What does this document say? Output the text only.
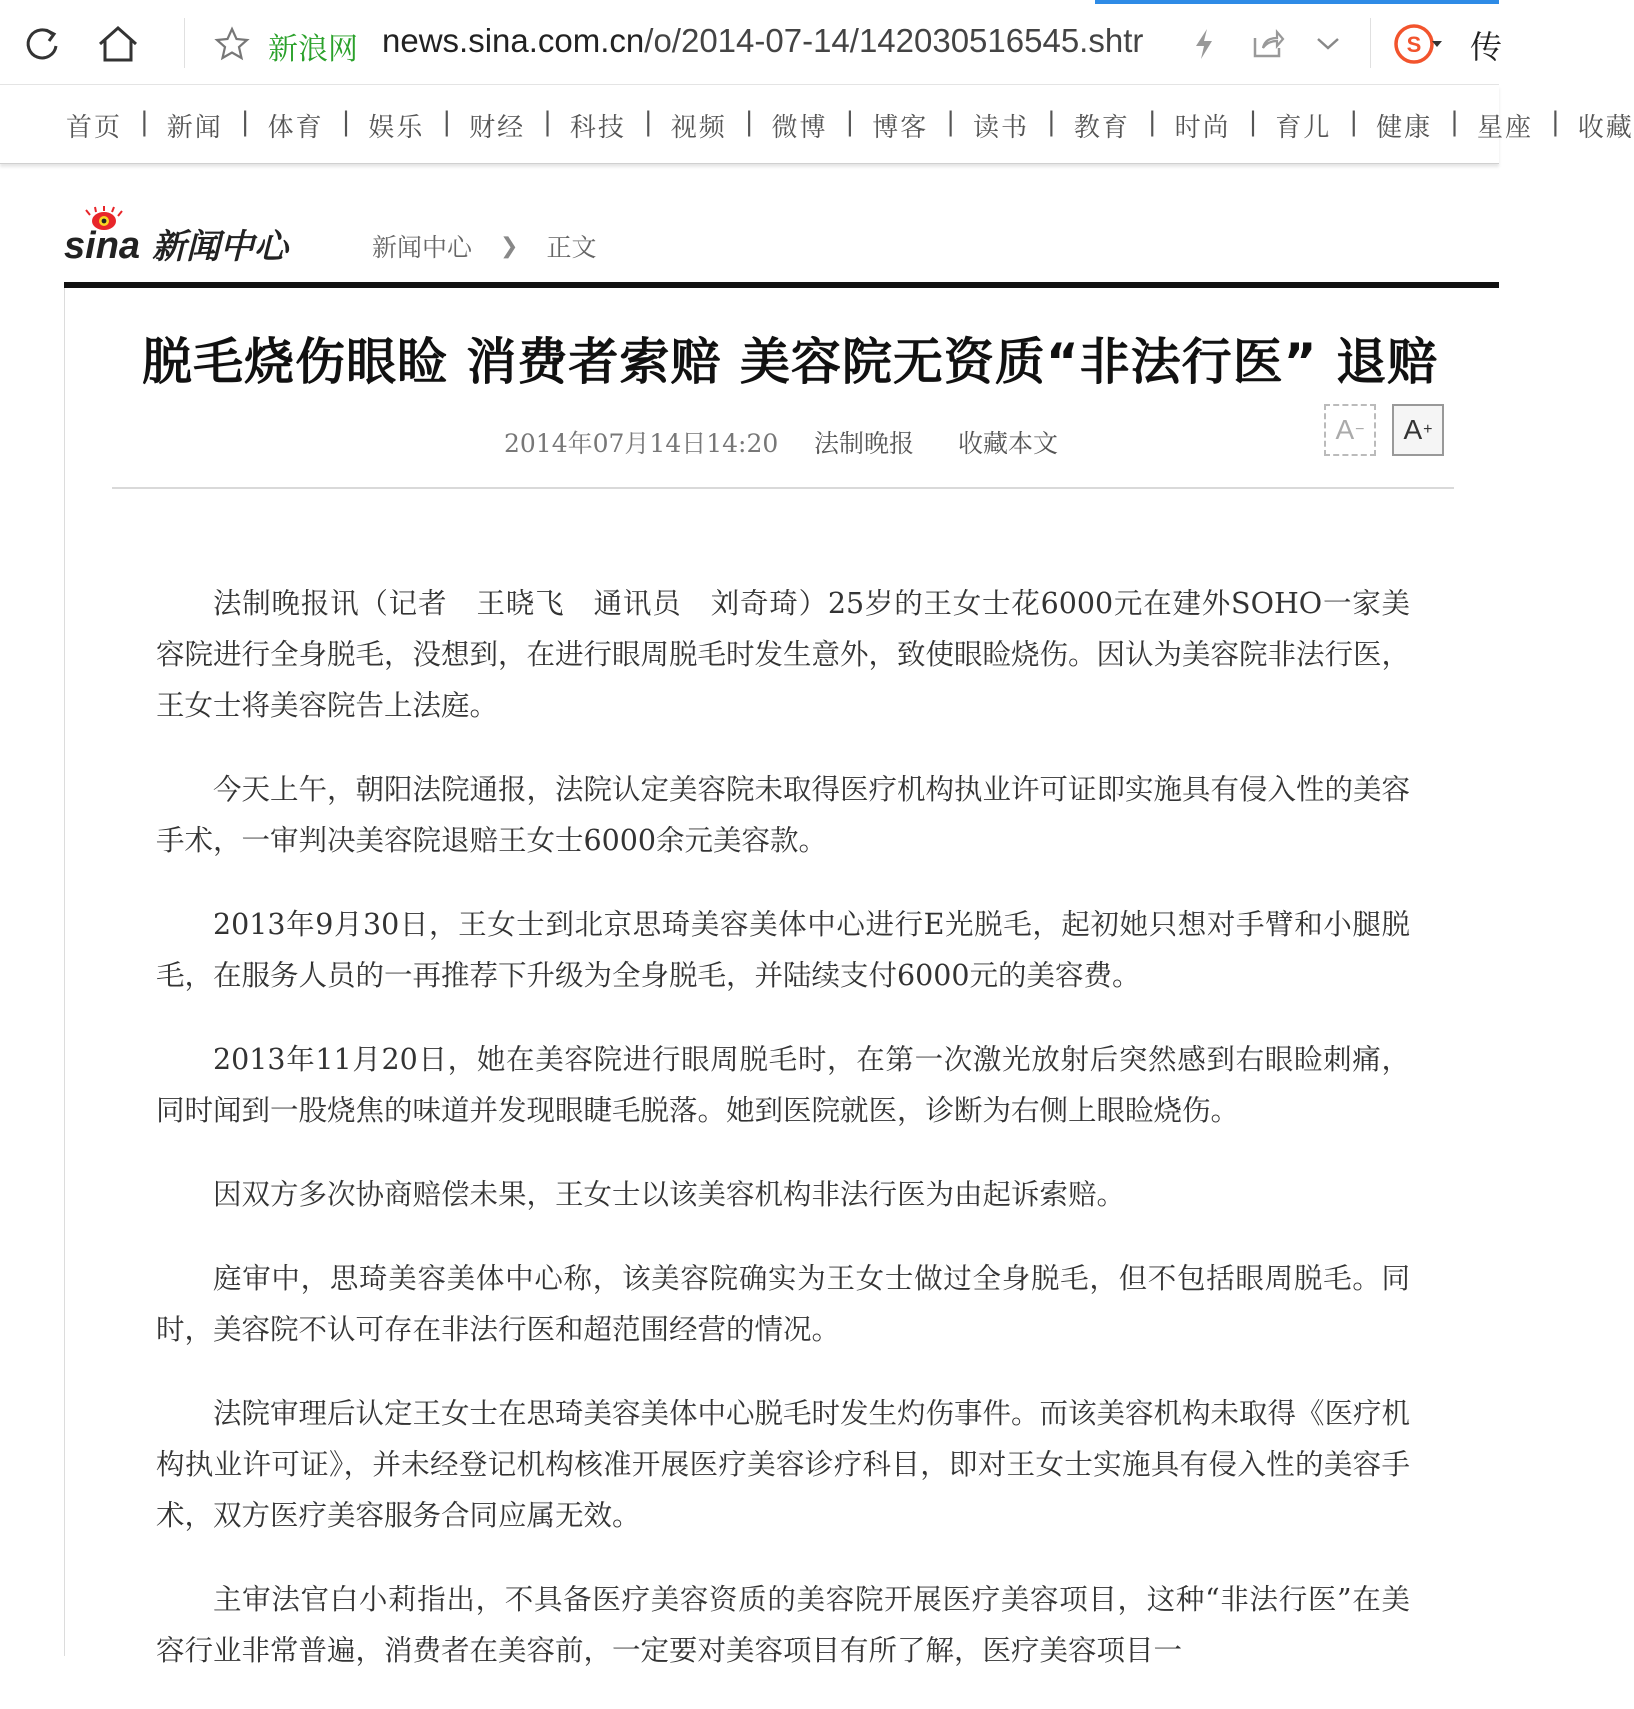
新浪网 news.sina.com.cn/o/2014-07-14/142030516545.shtr	S 传
首页 | 新闻 | 体育 | 娱乐 | 财经 | 科技 | 视频 | 微博 | 博客 | 读书 | 教育 | 时尚 | 育儿 | 健康 | 星座 | 收藏
sina 新闻中心	新闻中心 ❯ 正文
脱毛烧伤眼睑 消费者索赔 美容院无资质“非法行医” 退赔
2014年07月14日14:20 法制晚报 收藏本文	A − A +

法制晚报讯（记者　王晓飞　通讯员　刘奇琦）25岁的王女士花6000元在建外SOHO一家美容院进行全身脱毛，没想到，在进行眼周脱毛时发生意外，致使眼睑烧伤。因认为美容院非法行医，王女士将美容院告上法庭。

今天上午，朝阳法院通报，法院认定美容院未取得医疗机构执业许可证即实施具有侵入性的美容手术，一审判决美容院退赔王女士6000余元美容款。

2013年9月30日，王女士到北京思琦美容美体中心进行E光脱毛，起初她只想对手臂和小腿脱毛，在服务人员的一再推荐下升级为全身脱毛，并陆续支付6000元的美容费。

2013年11月20日，她在美容院进行眼周脱毛时，在第一次激光放射后突然感到右眼睑刺痛，同时闻到一股烧焦的味道并发现眼睫毛脱落。她到医院就医，诊断为右侧上眼睑烧伤。

因双方多次协商赔偿未果，王女士以该美容机构非法行医为由起诉索赔。

庭审中，思琦美容美体中心称，该美容院确实为王女士做过全身脱毛，但不包括眼周脱毛。同时，美容院不认可存在非法行医和超范围经营的情况。

法院审理后认定王女士在思琦美容美体中心脱毛时发生灼伤事件。而该美容机构未取得《医疗机构执业许可证》，并未经登记机构核准开展医疗美容诊疗科目，即对王女士实施具有侵入性的美容手术，双方医疗美容服务合同应属无效。

主审法官白小莉指出，不具备医疗美容资质的美容院开展医疗美容项目，这种“非法行医”在美容行业非常普遍，消费者在美容前，一定要对美容项目有所了解，医疗美容项目一
